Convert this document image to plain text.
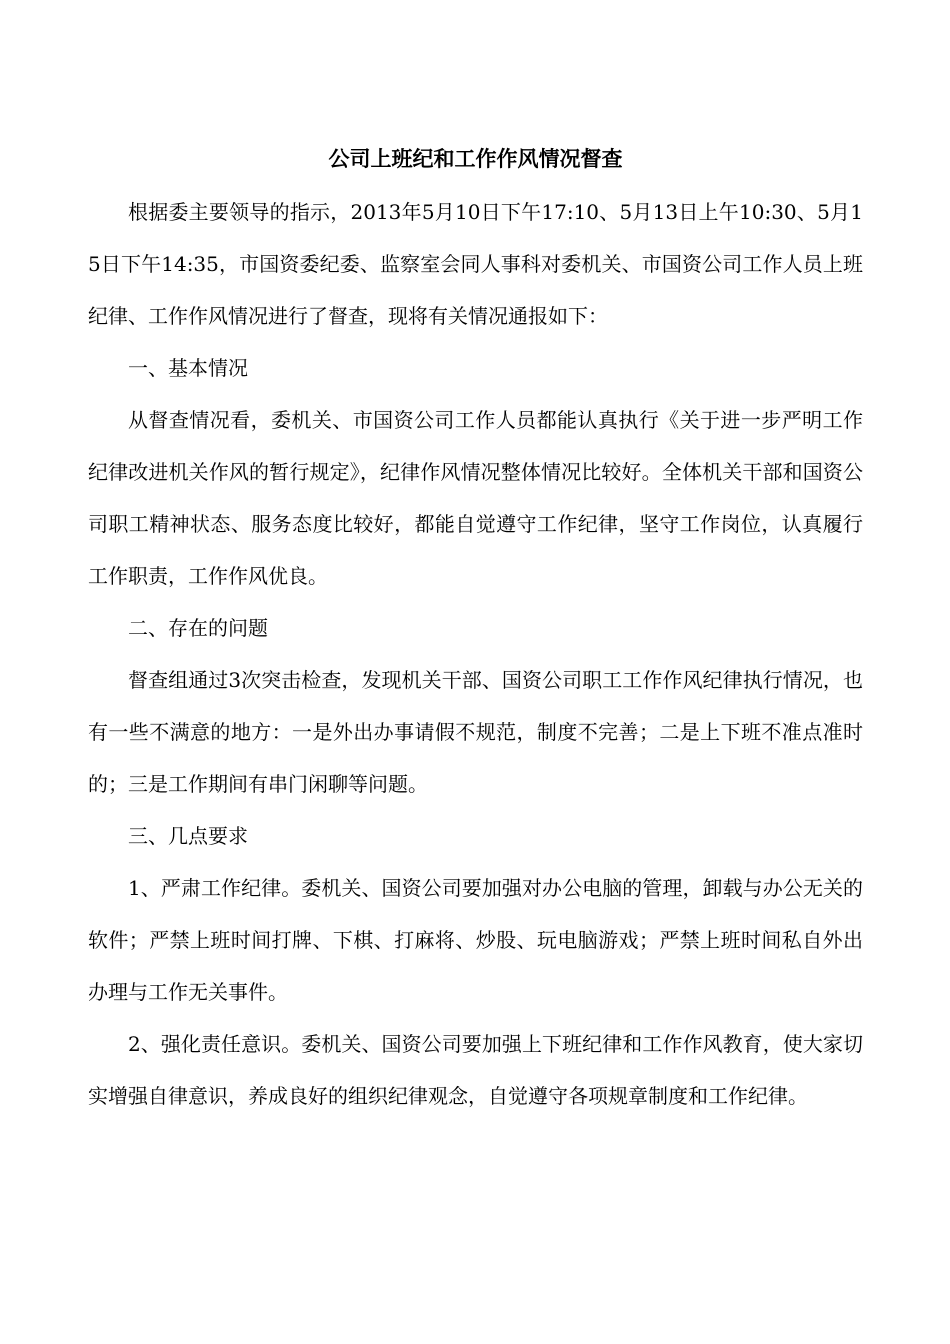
公司上班纪和工作作风情况督查

根据委主要领导的指示，2013年5月10日下午17:10、5月13日上午10:30、5月15日下午14:35，市国资委纪委、监察室会同人事科对委机关、市国资公司工作人员上班纪律、工作作风情况进行了督查，现将有关情况通报如下：

一、基本情况

从督查情况看，委机关、市国资公司工作人员都能认真执行《关于进一步严明工作纪律改进机关作风的暂行规定》，纪律作风情况整体情况比较好。全体机关干部和国资公司职工精神状态、服务态度比较好，都能自觉遵守工作纪律，坚守工作岗位，认真履行工作职责，工作作风优良。

二、存在的问题

督查组通过3次突击检查，发现机关干部、国资公司职工工作作风纪律执行情况，也有一些不满意的地方：一是外出办事请假不规范，制度不完善；二是上下班不准点准时的；三是工作期间有串门闲聊等问题。

三、几点要求

1、严肃工作纪律。委机关、国资公司要加强对办公电脑的管理，卸载与办公无关的软件；严禁上班时间打牌、下棋、打麻将、炒股、玩电脑游戏；严禁上班时间私自外出办理与工作无关事件。

2、强化责任意识。委机关、国资公司要加强上下班纪律和工作作风教育，使大家切实增强自律意识，养成良好的组织纪律观念，自觉遵守各项规章制度和工作纪律。
